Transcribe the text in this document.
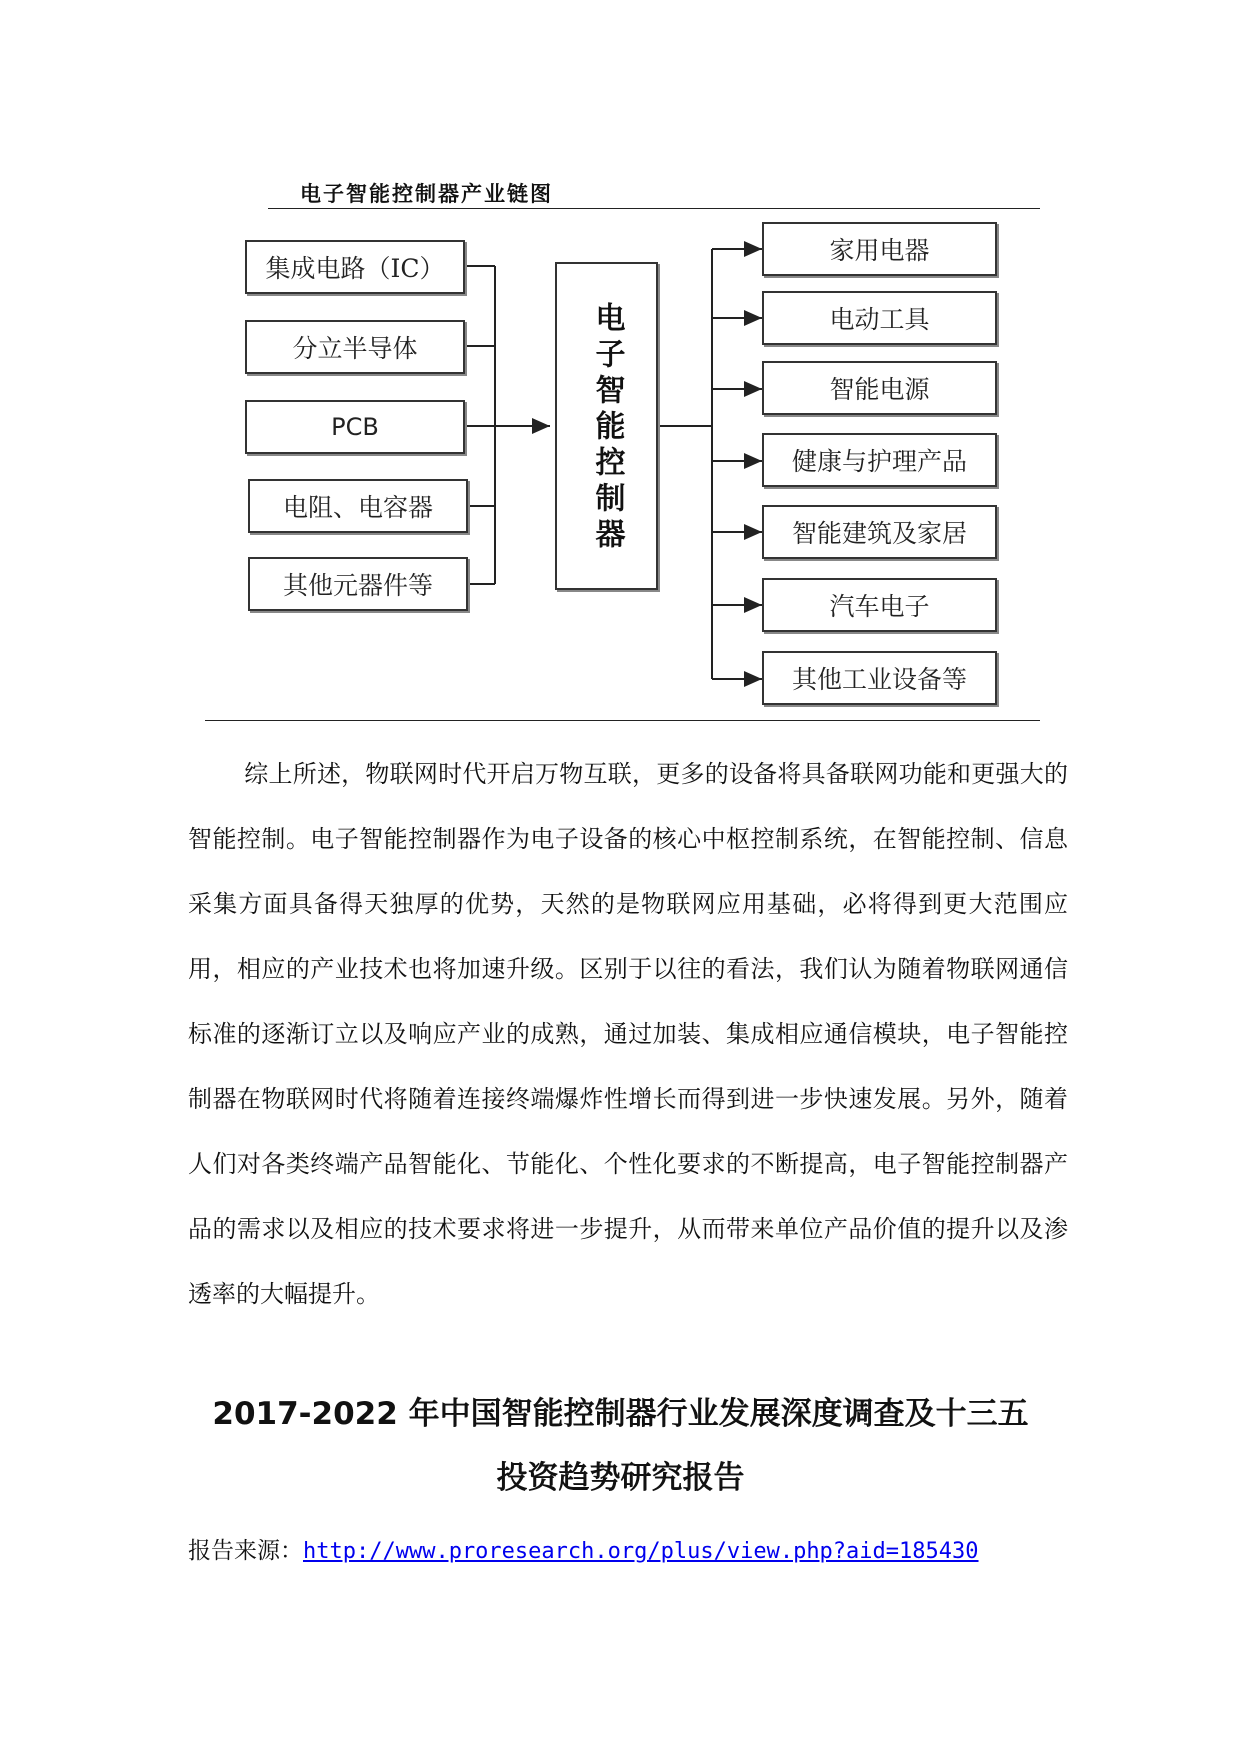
电子智能控制器产业链图
集成电路（IC）
分立半导体
PCB
电阻、电容器
其他元器件等
电子智能控制器
家用电器
电动工具
智能电源
健康与护理产品
智能建筑及家居
汽车电子
其他工业设备等
综上所述，物联网时代开启万物互联，更多的设备将具备联网功能和更强大的智能控制。电子智能控制器作为电子设备的核心中枢控制系统，在智能控制、信息采集方面具备得天独厚的优势，天然的是物联网应用基础，必将得到更大范围应用，相应的产业技术也将加速升级。区别于以往的看法，我们认为随着物联网通信标准的逐渐订立以及响应产业的成熟，通过加装、集成相应通信模块，电子智能控制器在物联网时代将随着连接终端爆炸性增长而得到进一步快速发展。另外，随着人们对各类终端产品智能化、节能化、个性化要求的不断提高，电子智能控制器产品的需求以及相应的技术要求将进一步提升，从而带来单位产品价值的提升以及渗透率的大幅提升。
2017-2022 年中国智能控制器行业发展深度调查及十三五
投资趋势研究报告
报告来源：http://www.proresearch.org/plus/view.php?aid=185430
